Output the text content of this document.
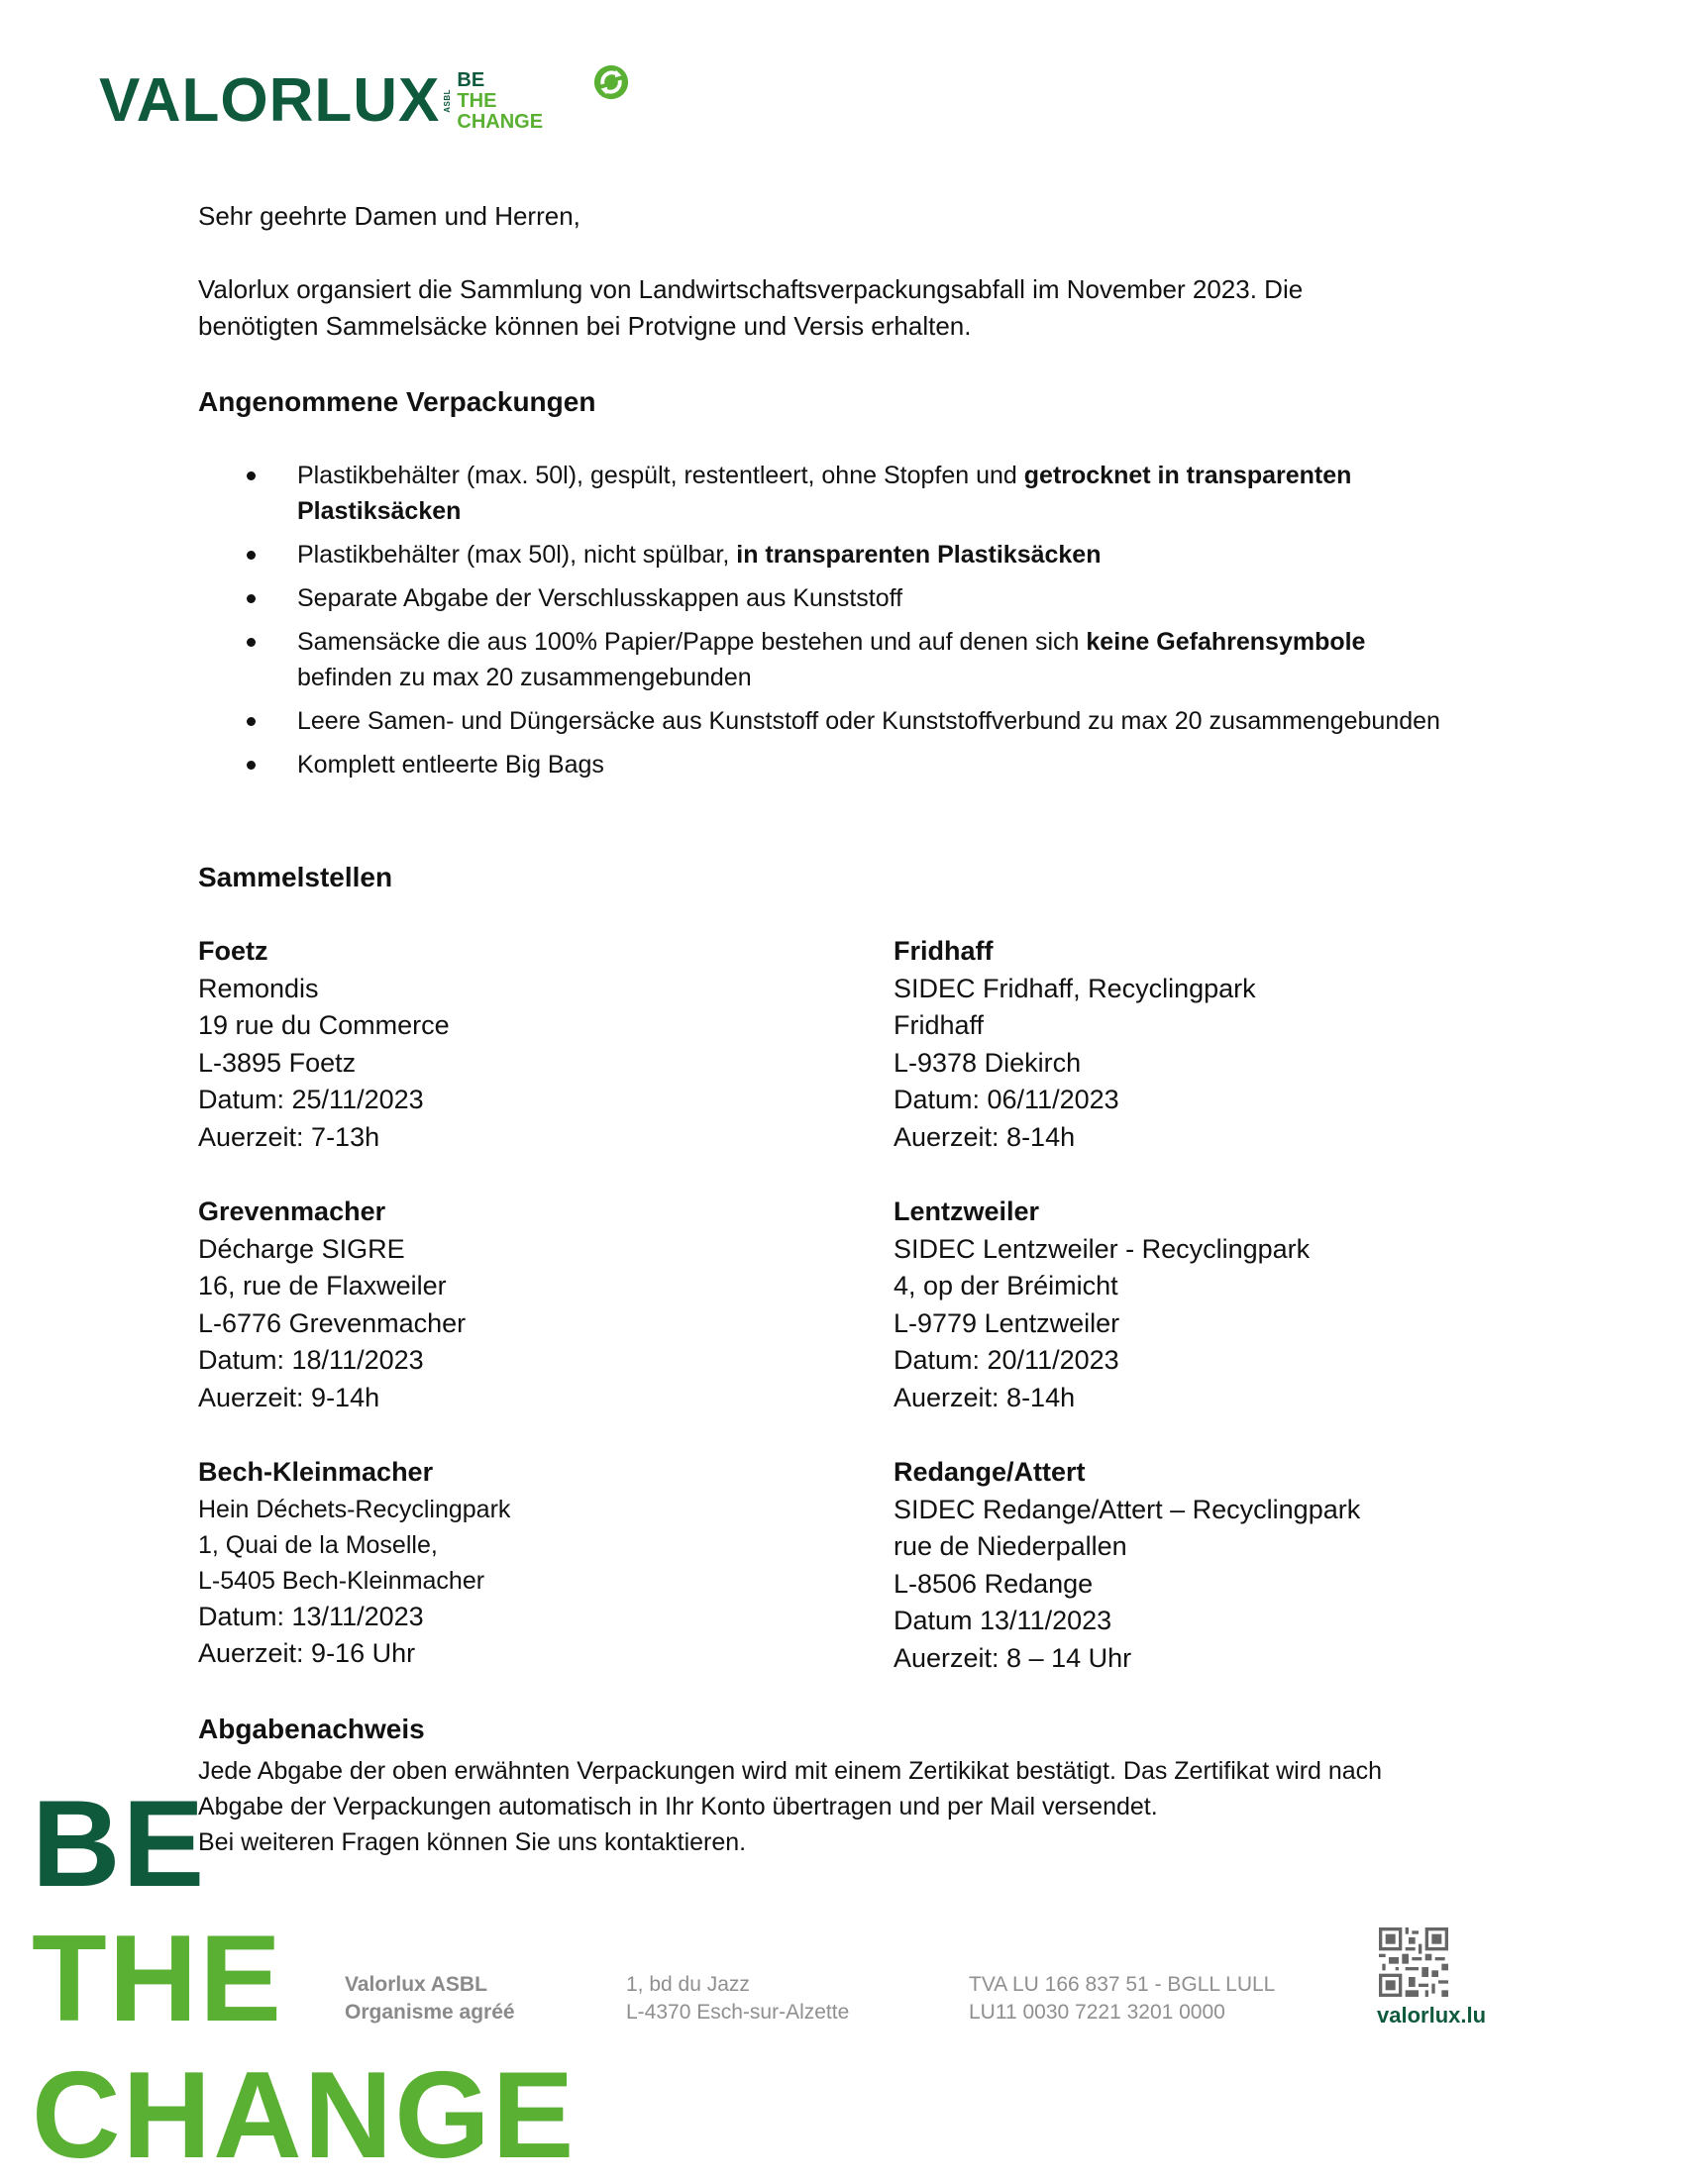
VALORLUX ASBL
BE
THE
CHANGE
Sehr geehrte Damen und Herren,
Valorlux organsiert die Sammlung von Landwirtschaftsverpackungsabfall im November 2023. Die
benötigten Sammelsäcke können bei Protvigne und Versis erhalten.
Angenommene Verpackungen
Plastikbehälter (max. 50l), gespült, restentleert, ohne Stopfen und getrocknet in transparenten Plastiksäcken
Plastikbehälter (max 50l), nicht spülbar, in transparenten Plastiksäcken
Separate Abgabe der Verschlusskappen aus Kunststoff
Samensäcke die aus 100% Papier/Pappe bestehen und auf denen sich keine Gefahrensymbole befinden zu max 20 zusammengebunden
Leere Samen- und Düngersäcke aus Kunststoff oder Kunststoffverbund zu max 20 zusammengebunden
Komplett entleerte Big Bags
Sammelstellen
Foetz
Remondis
19 rue du Commerce
L-3895 Foetz
Datum: 25/11/2023
Auerzeit: 7-13h
Grevenmacher
Décharge SIGRE
16, rue de Flaxweiler
L-6776 Grevenmacher
Datum: 18/11/2023
Auerzeit: 9-14h
Bech-Kleinmacher
Hein Déchets-Recyclingpark
1, Quai de la Moselle,
L-5405 Bech-Kleinmacher
Datum: 13/11/2023
Auerzeit: 9-16 Uhr
Fridhaff
SIDEC Fridhaff, Recyclingpark
Fridhaff
L-9378 Diekirch
Datum: 06/11/2023
Auerzeit: 8-14h
Lentzweiler
SIDEC Lentzweiler - Recyclingpark
4, op der Bréimicht
L-9779 Lentzweiler
Datum: 20/11/2023
Auerzeit: 8-14h
Redange/Attert
SIDEC Redange/Attert – Recyclingpark
rue de Niederpallen
L-8506 Redange
Datum 13/11/2023
Auerzeit: 8 – 14 Uhr
Abgabenachweis
Jede Abgabe der oben erwähnten Verpackungen wird mit einem Zertikikat bestätigt. Das Zertifikat wird nach
Abgabe der Verpackungen automatisch in Ihr Konto übertragen und per Mail versendet.
Bei weiteren Fragen können Sie uns kontaktieren.
BE
THE
CHANGE
Valorlux ASBL
Organisme agréé
1, bd du Jazz
L-4370 Esch-sur-Alzette
TVA LU 166 837 51 - BGLL LULL
LU11 0030 7221 3201 0000	valorlux.lu
